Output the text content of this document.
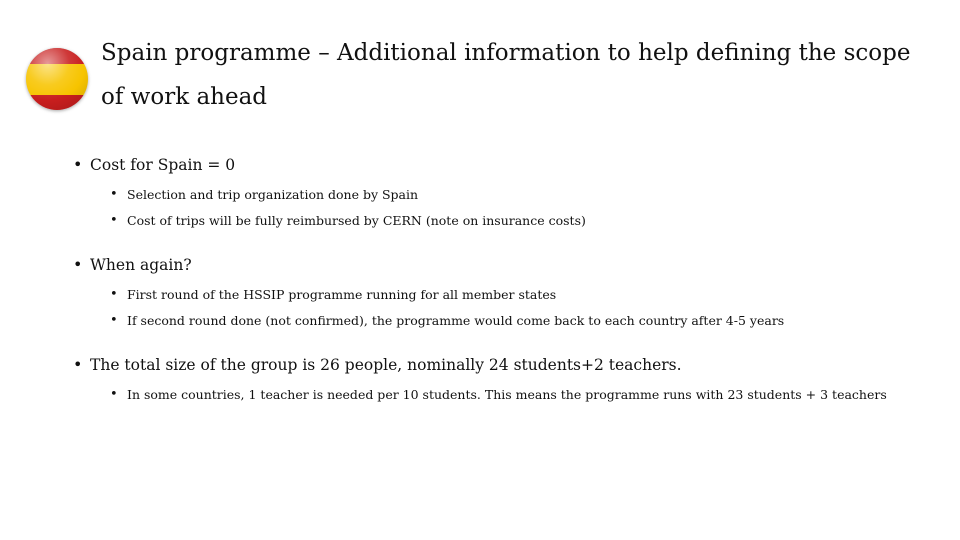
Spain programme – Additional information to help defining the scope of work ahead

• Cost for Spain = 0

• Selection and trip organization done by Spain
• Cost of trips will be fully reimbursed by CERN (note on insurance costs)

• When again?

• First round of the HSSIP programme running for all member states
• If second round done (not confirmed), the programme would come back to each country after 4-5 years

• The total size of the group is 26 people, nominally 24 students+2 teachers.

• In some countries, 1 teacher is needed per 10 students. This means the programme runs with 23 students + 3 teachers
